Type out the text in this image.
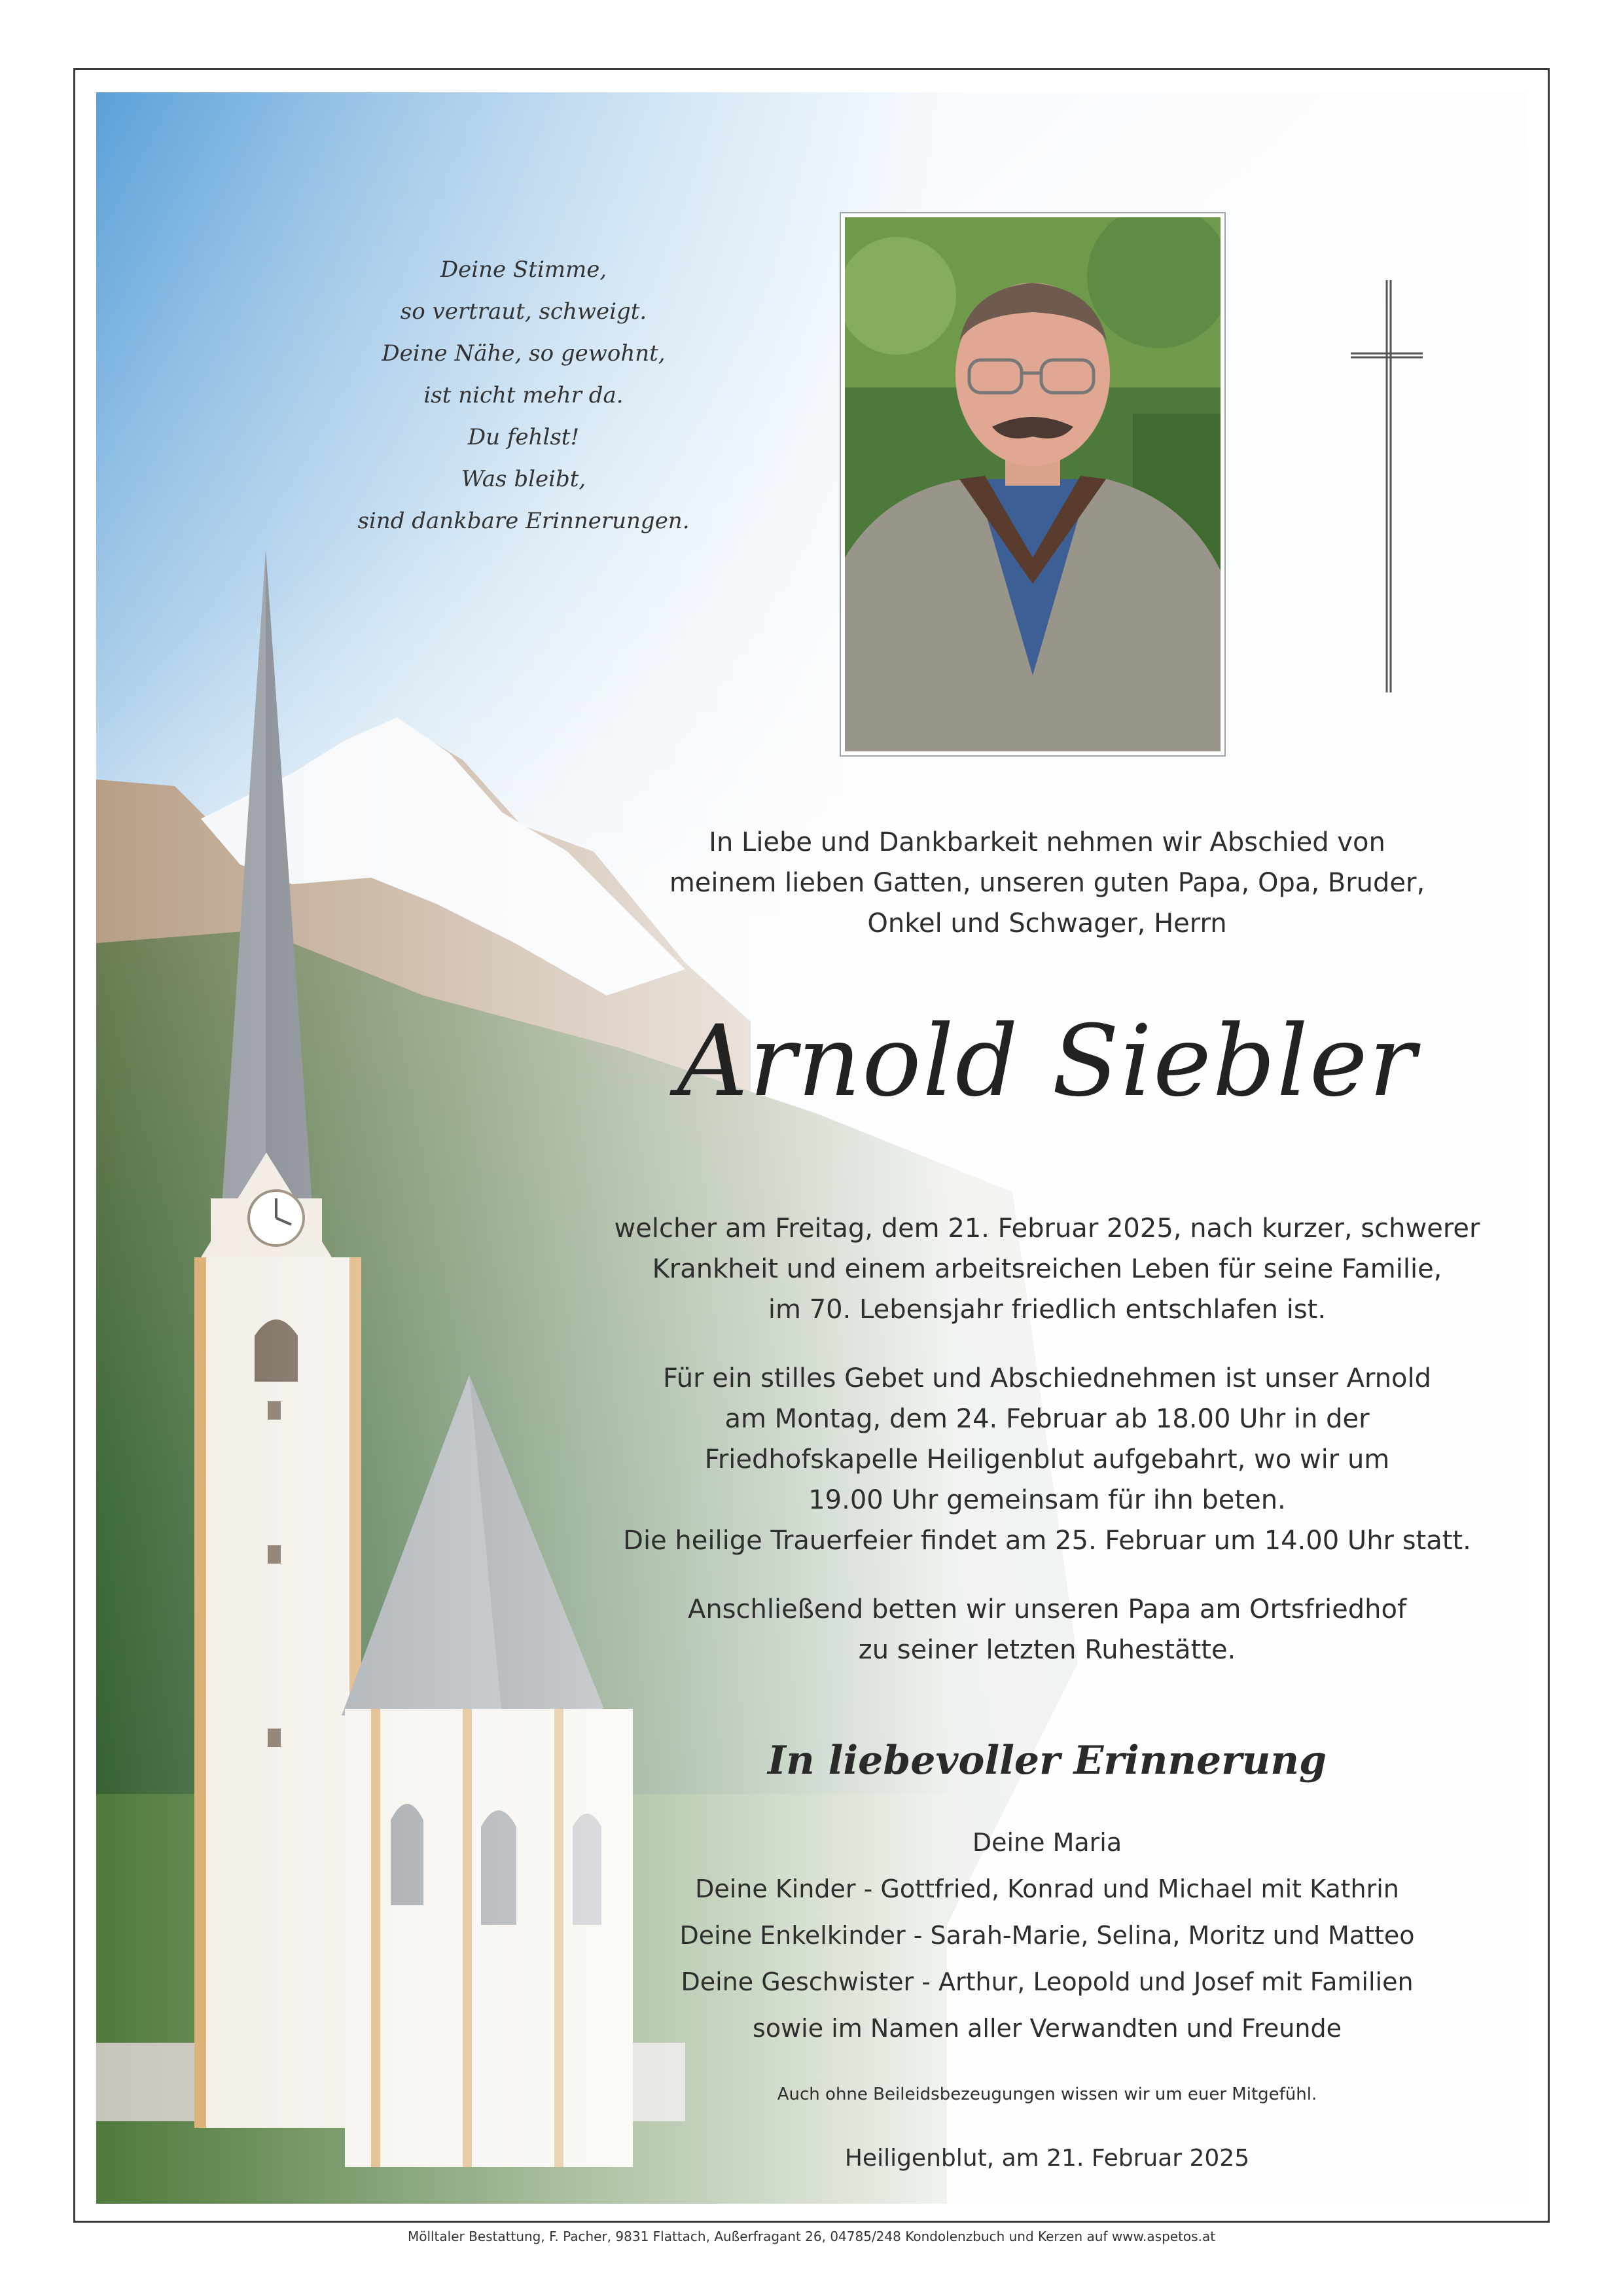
Deine Stimme,
so vertraut, schweigt.
Deine Nähe, so gewohnt,
ist nicht mehr da.
Du fehlst!
Was bleibt,
sind dankbare Erinnerungen.
In Liebe und Dankbarkeit nehmen wir Abschied von
meinem lieben Gatten, unseren guten Papa, Opa, Bruder,
Onkel und Schwager, Herrn
Arnold Siebler
welcher am Freitag, dem 21. Februar 2025, nach kurzer, schwerer
Krankheit und einem arbeitsreichen Leben für seine Familie,
im 70. Lebensjahr friedlich entschlafen ist.
Für ein stilles Gebet und Abschiednehmen ist unser Arnold
am Montag, dem 24. Februar ab 18.00 Uhr in der
Friedhofskapelle Heiligenblut aufgebahrt, wo wir um
19.00 Uhr gemeinsam für ihn beten.
Die heilige Trauerfeier findet am 25. Februar um 14.00 Uhr statt.
Anschließend betten wir unseren Papa am Ortsfriedhof
zu seiner letzten Ruhestätte.
In liebevoller Erinnerung
Deine Maria
Deine Kinder - Gottfried, Konrad und Michael mit Kathrin
Deine Enkelkinder - Sarah-Marie, Selina, Moritz und Matteo
Deine Geschwister - Arthur, Leopold und Josef mit Familien
sowie im Namen aller Verwandten und Freunde
Auch ohne Beileidsbezeugungen wissen wir um euer Mitgefühl.
Heiligenblut, am 21. Februar 2025
Mölltaler Bestattung, F. Pacher, 9831 Flattach, Außerfragant 26, 04785/248 Kondolenzbuch und Kerzen auf www.aspetos.at
